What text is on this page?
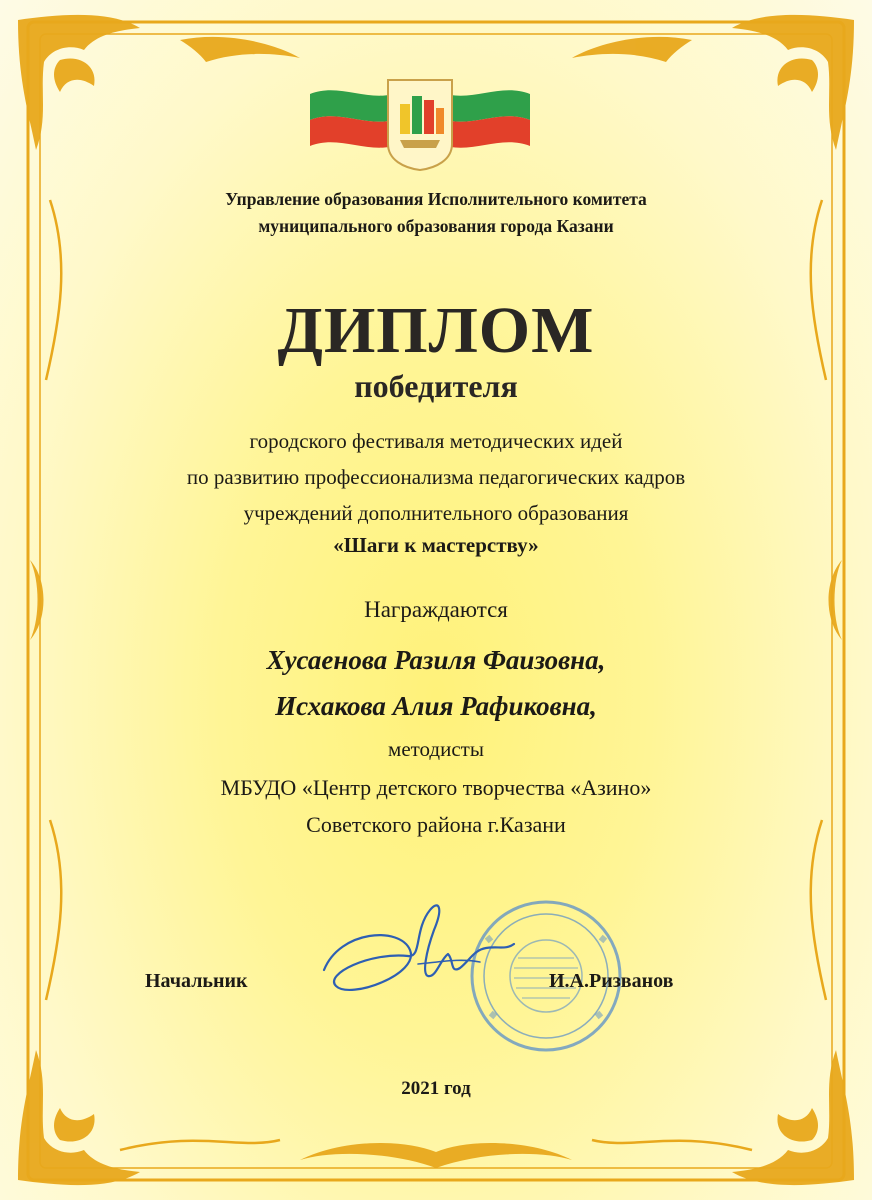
Управление образования Исполнительного комитета
муниципального образования города Казани
ДИПЛОМ
победителя
городского фестиваля методических идей
по развитию профессионализма педагогических кадров
учреждений дополнительного образования
«Шаги к мастерству»
Награждаются
Хусаенова Разиля Фаизовна,
Исхакова Алия Рафиковна,
методисты
МБУДО «Центр детского творчества «Азино»
Советского района г.Казани
Начальник	И.А.Ризванов
2021 год
